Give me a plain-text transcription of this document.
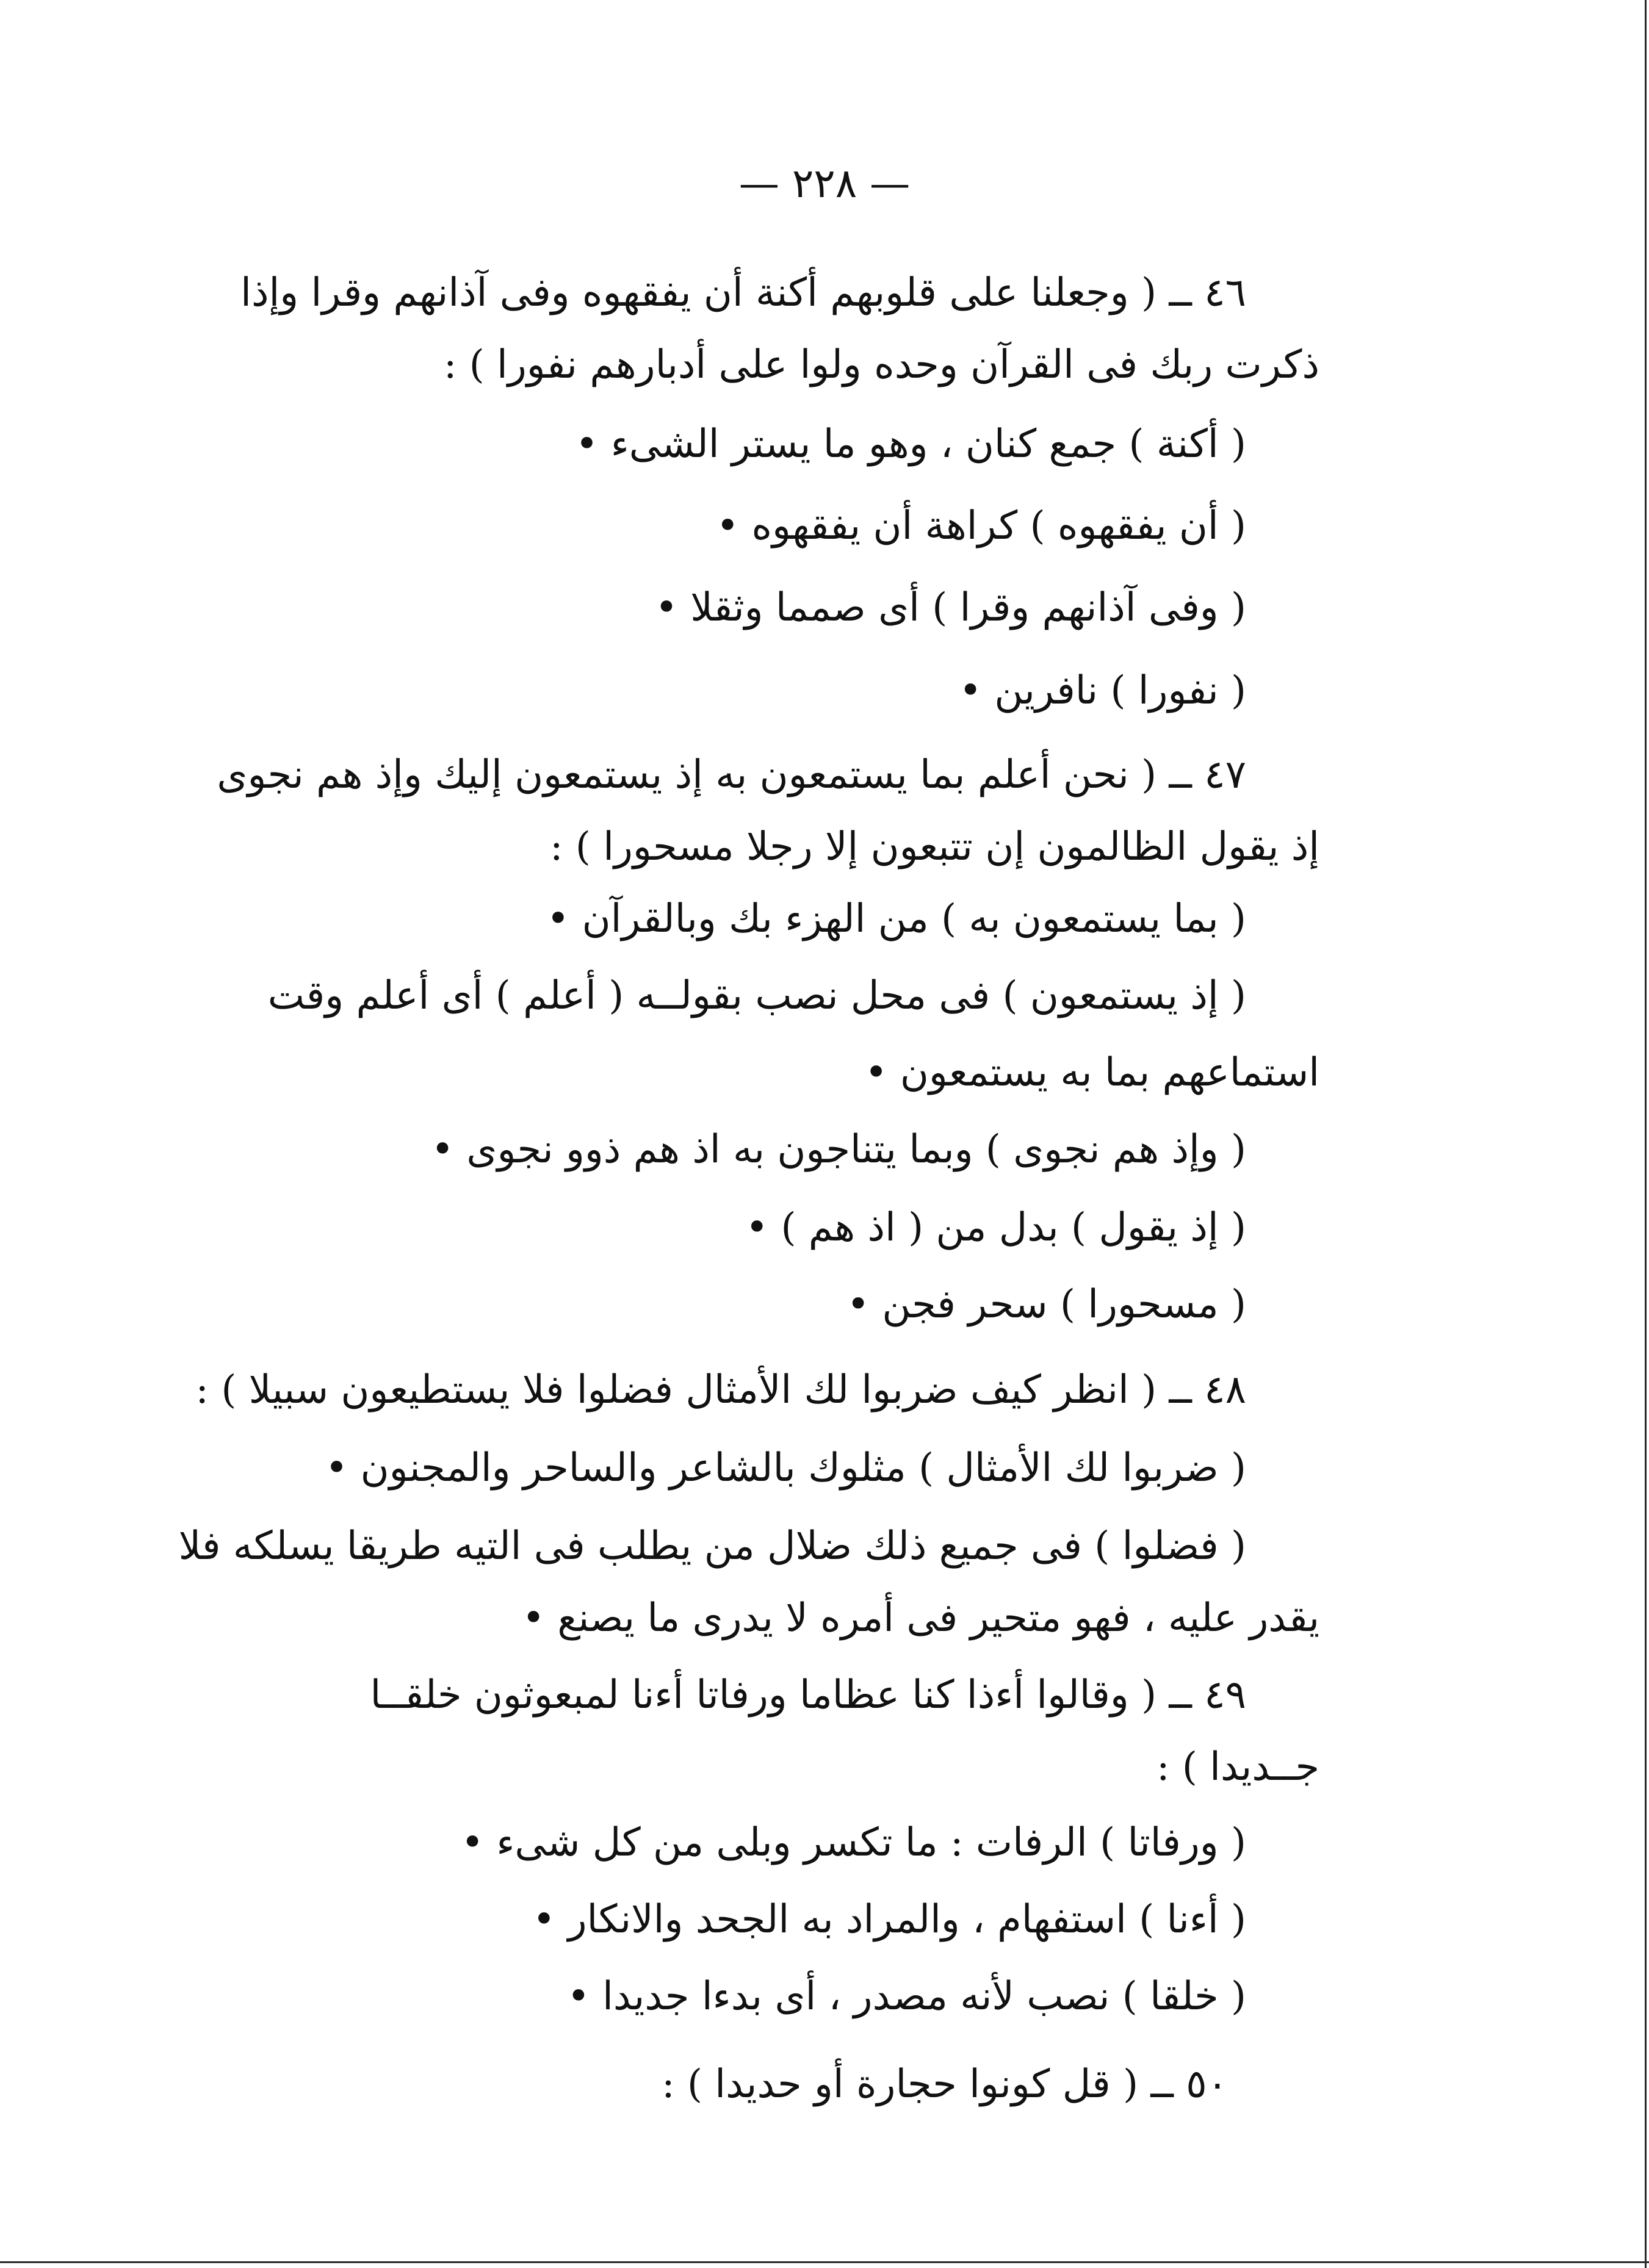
— ٢٢٨ —
٤٦ ــ ( وجعلنا على قلوبهم أكنة أن يفقهوه وفى آذانهم وقرا وإذا
ذكرت ربك فى القرآن وحده ولوا على أدبارهم نفورا ) :
( أكنة ) جمع كنان ، وهو ما يستر الشىء •
( أن يفقهوه ) كراهة أن يفقهوه •
( وفى آذانهم وقرا ) أى صمما وثقلا •
( نفورا ) نافرين •
٤٧ ــ ( نحن أعلم بما يستمعون به إذ يستمعون إليك وإذ هم نجوى
إذ يقول الظالمون إن تتبعون إلا رجلا مسحورا ) :
( بما يستمعون به ) من الهزء بك وبالقرآن •
( إذ يستمعون ) فى محل نصب بقولــه ( أعلم ) أى أعلم وقت
استماعهم بما به يستمعون •
( وإذ هم نجوى ) وبما يتناجون به اذ هم ذوو نجوى •
( إذ يقول ) بدل من ( اذ هم ) •
( مسحورا ) سحر فجن •
٤٨ ــ ( انظر كيف ضربوا لك الأمثال فضلوا فلا يستطيعون سبيلا ) :
( ضربوا لك الأمثال ) مثلوك بالشاعر والساحر والمجنون •
( فضلوا ) فى جميع ذلك ضلال من يطلب فى التيه طريقا يسلكه فلا
يقدر عليه ، فهو متحير فى أمره لا يدرى ما يصنع •
٤٩ ــ ( وقالوا أءذا كنا عظاما ورفاتا أءنا لمبعوثون خلقــا
جــديدا ) :
( ورفاتا ) الرفات : ما تكسر وبلى من كل شىء •
( أءنا ) استفهام ، والمراد به الجحد والانكار •
( خلقا ) نصب لأنه مصدر ، أى بدءا جديدا •
٥٠ ــ ( قل كونوا حجارة أو حديدا ) :
